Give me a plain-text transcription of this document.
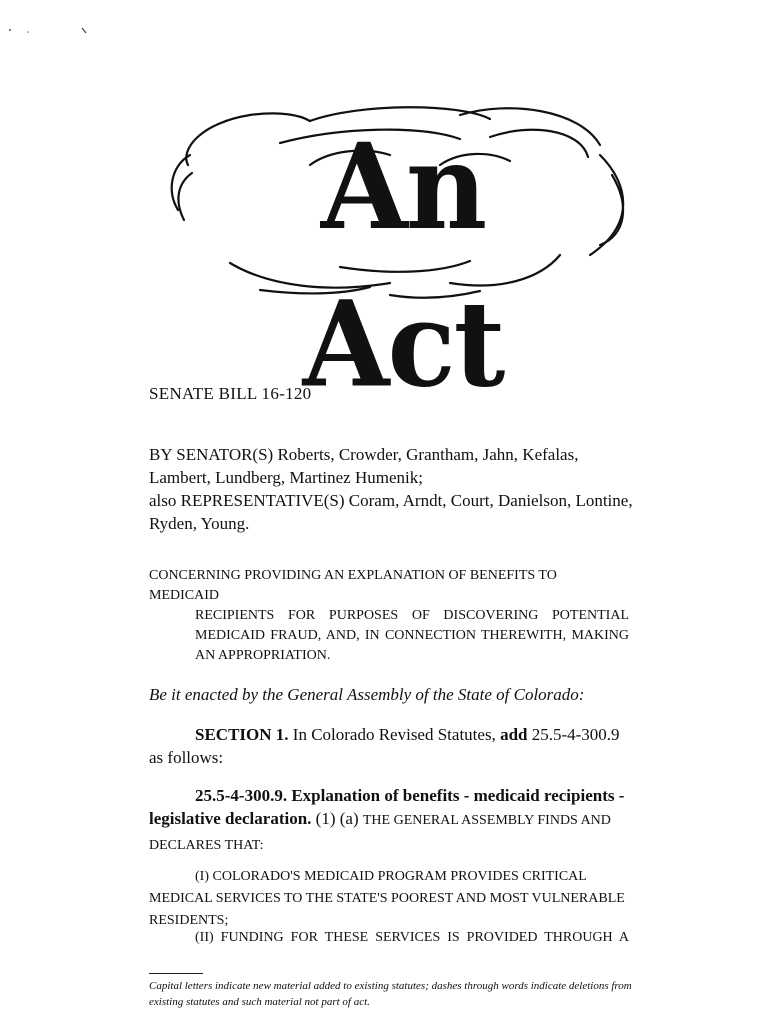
An Act
SENATE BILL 16-120
BY SENATOR(S) Roberts, Crowder, Grantham, Jahn, Kefalas, Lambert, Lundberg, Martinez Humenik;
also REPRESENTATIVE(S) Coram, Arndt, Court, Danielson, Lontine, Ryden, Young.
CONCERNING PROVIDING AN EXPLANATION OF BENEFITS TO MEDICAID
RECIPIENTS FOR PURPOSES OF DISCOVERING POTENTIAL MEDICAID FRAUD, AND, IN CONNECTION THEREWITH, MAKING AN APPROPRIATION.
Be it enacted by the General Assembly of the State of Colorado:
SECTION 1. In Colorado Revised Statutes, add 25.5-4-300.9 as follows:
25.5-4-300.9. Explanation of benefits - medicaid recipients - legislative declaration. (1) (a) THE GENERAL ASSEMBLY FINDS AND DECLARES THAT:
(I) COLORADO'S MEDICAID PROGRAM PROVIDES CRITICAL MEDICAL SERVICES TO THE STATE'S POOREST AND MOST VULNERABLE RESIDENTS;
(II) FUNDING FOR THESE SERVICES IS PROVIDED THROUGH A
Capital letters indicate new material added to existing statutes; dashes through words indicate deletions from existing statutes and such material not part of act.
